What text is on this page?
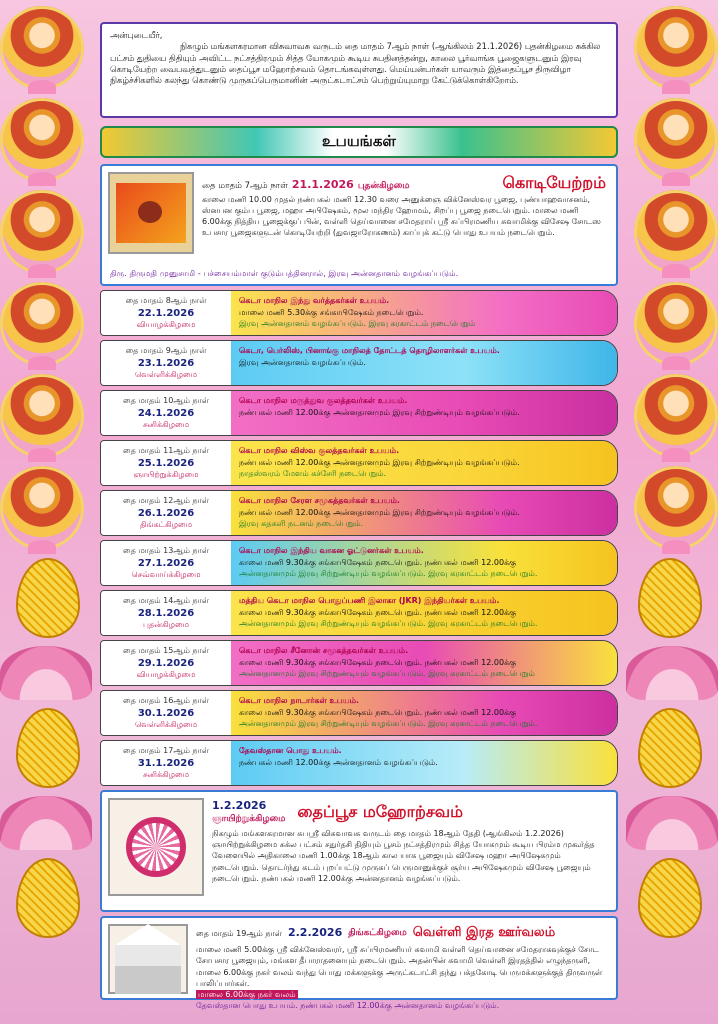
அன்புடையீர்,

நிகழும் மங்களகரமான விசுவாவசு வருடம் தை மாதம் 7ஆம் நாள் (ஆங்கிலம் 21.1.2026) புதன்கிழமை சுக்கில பட்சம் துதியை திதியும் அவிட்ட நட்சத்திரமும் சித்த யோகமும் கூடிய சுபதினத்தன்று, காலை பூர்வாங்க பூஜைகளுடனும் இரவு கொடியேற்ற வைபவத்துடனும் தைப்பூச மஹோற்சவம் தொடங்கவுள்ளது. மெய்யன்பர்கள் யாவரும் இத்தைப்பூச திருவிழா நிகழ்ச்சிகளில் கலந்து கொண்டு முருகப்பெருமானின் அருட்கடாட்சம் பெற்றுய்யுமாறு கேட்டுக்கொள்கிறோம்.

உபயங்கள்
தை மாதம் 7ஆம் நாள் 21.1.2026 புதன்கிழமை	கொடியேற்றம்

காலை மணி 10.00 முதல் நண்பகல் மணி 12.30 வரை அனுக்ஞை விக்னேஸ்வர பூஜை, புண்யாஹவாசனம், ஸ்னபன கும்ப பூஜை, மஹா அபிஷேகம், மூல மந்திர ஹோமம், சிறப்பு பூஜை நடைபெறும். மாலை மணி 6.00க்கு நித்திய பூஜைக்குப் பின், வள்ளி தெய்வானை சமேதராய் ஸ்ரீ சுப்பிரமணிய சுவாமிக்கு விசேஷ சோடஸ உபசார பூஜைகளுடன் கொடியேற்றி (துவஜாரோகணம்) காப்புக் கட்டு பொது உபயம் நடைபெறும்.

திரு. திருமதி முனுசாமி - பச்சையம்மாள் குடும்பத்தினரால், இரவு அன்னதானம் வழங்கப்படும்.
தை மாதம் 8ஆம் நாள்
22.1.2026
வியாழக்கிழமை
கெடா மாநில இந்து வர்த்தகர்கள் உபயம்.
மாலை மணி 5.30க்கு சங்காபிஷேகம் நடைபெறும்.
இரவு அன்னதானம் வழங்கப்படும். இரவு கரகாட்டம் நடைபெறும்
தை மாதம் 9ஆம் நாள்
23.1.2026
வெள்ளிக்கிழமை
கெடா, பெர்லிஸ், பினாங்கு மாநிலத் தோட்டத் தொழிலாளர்கள் உபயம்.
இரவு அன்னதானம் வழங்கப்படும்.
தை மாதம் 10ஆம் நாள்
24.1.2026
சனிக்கிழமை
கெடா மாநில மருத்துவ குலத்தவர்கள் உபயம்.
நண்பகல் மணி 12.00க்கு அன்னதானமும் இரவு சிற்றுண்டியும் வழங்கப்படும்.
தை மாதம் 11ஆம் நாள்
25.1.2026
ஞாயிற்றுக்கிழமை
கெடா மாநில விஸ்வ குலத்தவர்கள் உபயம்.
நண்பகல் மணி 12.00க்கு அன்னதானமும் இரவு சிற்றுண்டியும் வழங்கப்படும்.
நாதஸ்வரம் மேளம் கச்சேரி நடைபெறும்.
தை மாதம் 12ஆம் நாள்
26.1.2026
திங்கட்கிழமை
கெடா மாநில சேரள சமூகத்தவர்கள் உபயம்.
நண்பகல் மணி 12.00க்கு அன்னதானமும் இரவு சிற்றுண்டியும் வழங்கப்படும்.
இரவு கதகளி நடனம் நடைபெறும்.
தை மாதம் 13ஆம் நாள்
27.1.2026
செவ்வாய்க்கிழமை
கெடா மாநில இந்திய வாகன ஓட்டுனர்கள் உபயம்.
காலை மணி 9.30க்கு சங்காபிஷேகம் நடைபெறும். நண்பகல் மணி 12.00க்கு
அன்னதானமும் இரவு சிற்றுண்டியும் வழங்கப்படும். இரவு கரகாட்டம் நடைபெறும்.
தை மாதம் 14ஆம் நாள்
28.1.2026
புதன்கிழமை
மத்திய கெடா மாநில பொதுப்பணி இலாகா (JKR) இந்தியர்கள் உபயம்.
காலை மணி 9.30க்கு சங்காபிஷேகம் நடைபெறும். நண்பகல் மணி 12.00க்கு
அன்னதானமும் இரவு சிற்றுண்டியும் வழங்கப்படும். இரவு கரகாட்டம் நடைபெறும்.
தை மாதம் 15ஆம் நாள்
29.1.2026
வியாழக்கிழமை
கெடா மாநில சீனோன் சமூகத்தவர்கள் உபயம்.
காலை மணி 9.30க்கு சங்காபிஷேகம் நடைபெறும். நண்பகல் மணி 12.00க்கு
அன்னதானமும் இரவு சிற்றுண்டியும் வழங்கப்படும். இரவு கரகாட்டம் நடைபெறும்
தை மாதம் 16ஆம் நாள்
30.1.2026
வெள்ளிக்கிழமை
கெடா மாநில நாடார்கள் உபயம்.
காலை மணி 9.30க்கு சங்காபிஷேகம் நடைபெறும். நண்பகல் மணி 12.00க்கு
அன்னதானமும் இரவு சிற்றுண்டியும் வழங்கப்படும். இரவு கரகாட்டம் நடைபெறும்.
தை மாதம் 17ஆம் நாள்
31.1.2026
சனிக்கிழமை
தேவஸ்தான பொது உபயம்.
நண்பகல் மணி 12.00க்கு அன்னதானம் வழங்கப்படும்.
1.2.2026
ஞாயிற்றுக்கிழமை தைப்பூச மஹோற்சவம்

நிகழும் மங்களகரமான சுபஸ்ரீ விசுவாவசு வருடம் தை மாதம் 18ஆம் தேதி (ஆங்கிலம் 1.2.2026) ஞாயிற்றுக்கிழமை சுக்ல பட்சம் சதுர்தசி திதியும் பூசம் நட்சத்திரமும் சித்த யோகமும் கூடிய பிரம்ம முகூர்த்த வேளையில் அதிகாலை மணி 1.00க்கு 18ஆம் கால யாக பூஜையும் விசேஷ மஹா அபிஷேகமும் நடைபெறும். தொடர்ந்து கடம் புறப்பட்டு முருகப் பெருமானுக்குச் சூர்ய அபிஷேகமும் விசேஷ பூஜையும் நடைபெறும். நண்பகல் மணி 12.00க்கு அன்னதானம் வழங்கப்படும்.

தை மாதம் 19ஆம் நாள் 2.2.2026 திங்கட்கிழமை வெள்ளி இரத ஊர்வலம்

மாலை மணி 5.00க்கு ஸ்ரீ விக்னேஸ்வரர், ஸ்ரீ சுப்பிரமணியர் சுவாமி வள்ளி தெய்வானை சமேதராகவுக்குச் சோட சோபசார பூஜையும், மங்கள தீபாராதனையும் நடைபெறும். அதன்பின் சுவாமி வெள்ளி இரதத்தில் எழுந்தருளி, மாலை 6.00க்கு நகர் வலம் வந்து பொது மக்களுக்கு அருட்கடாட்சி தந்து பக்தகோடி பெருமக்களுக்குத் திருவருள் பாலிப்பார்கள்.

மாலை 6.00க்கு நகர் வலம்

தேவஸ்தான பொது உபயம். நண்பகல் மணி 12.00க்கு அன்னதானம் வழங்கப்படும்.
